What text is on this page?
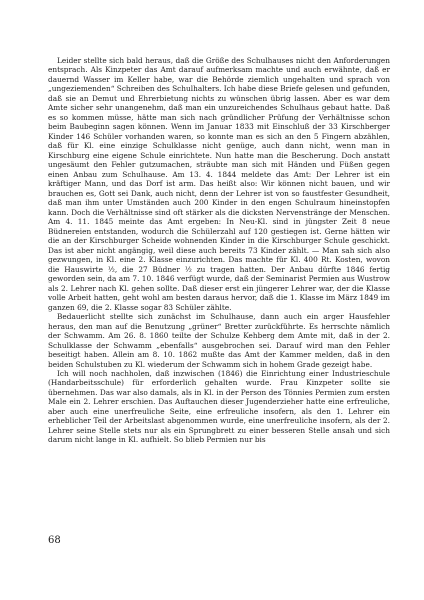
Leider stellte sich bald heraus, daß die Größe des Schulhauses nicht den Anforderungen entsprach. Als Kinzpeter das Amt darauf aufmerksam machte und auch erwähnte, daß er dauernd Wasser im Keller habe, war die Behörde ziemlich ungehalten und sprach von „ungeziemenden“ Schreiben des Schulhalters. Ich habe diese Briefe gelesen und gefunden, daß sie an Demut und Ehrerbietung nichts zu wünschen übrig lassen. Aber es war dem Amte sicher sehr unangenehm, daß man ein unzureichendes Schulhaus gebaut hatte. Daß es so kommen müsse, hätte man sich nach gründlicher Prüfung der Verhältnisse schon beim Baubeginn sagen können. Wenn im Januar 1833 mit Einschluß der 33 Kirschberger Kinder 146 Schüler vorhanden waren, so konnte man es sich an den 5 Fingern abzählen, daß für Kl. eine einzige Schulklasse nicht genüge, auch dann nicht, wenn man in Kirschburg eine eigene Schule einrichtete. Nun hatte man die Bescherung. Doch anstatt ungesäumt den Fehler gutzumachen, sträubte man sich mit Händen und Füßen gegen einen Anbau zum Schulhause. Am 13. 4. 1844 meldete das Amt: Der Lehrer ist ein kräftiger Mann, und das Dorf ist arm. Das heißt also: Wir können nicht bauen, und wir brauchen es, Gott sei Dank, auch nicht, denn der Lehrer ist von so faustfester Gesundheit, daß man ihm unter Umständen auch 200 Kinder in den engen Schulraum hineinstopfen kann. Doch die Verhältnisse sind oft stärker als die dicksten Nervenstränge der Menschen. Am 4. 11. 1845 meinte das Amt ergeben: In Neu-Kl. sind in jüngster Zeit 8 neue Büdnereien entstanden, wodurch die Schülerzahl auf 120 gestiegen ist. Gerne hätten wir die an der Kirschburger Scheide wohnenden Kinder in die Kirschburger Schule geschickt. Das ist aber nicht angängig, weil diese auch bereits 73 Kinder zählt. — Man sah sich also gezwungen, in Kl. eine 2. Klasse einzurichten. Das machte für Kl. 400 Rt. Kosten, wovon die Hauswirte ½, die 27 Büdner ½ zu tragen hatten. Der Anbau dürfte 1846 fertig geworden sein, da am 7. 10. 1846 verfügt wurde, daß der Seminarist Permien aus Wustrow als 2. Lehrer nach Kl. gehen sollte. Daß dieser erst ein jüngerer Lehrer war, der die Klasse volle Arbeit hatten, geht wohl am besten daraus hervor, daß die 1. Klasse im März 1849 im ganzen 69, die 2. Klasse sogar 83 Schüler zählte.

Bedauerlicht stellte sich zunächst im Schulhause, dann auch ein arger Hausfehler heraus, den man auf die Benutzung „grüner“ Bretter zurückführte. Es herrschte nämlich der Schwamm. Am 26. 8. 1860 teilte der Schulze Kehberg dem Amte mit, daß in der 2. Schulklasse der Schwamm „ebenfalls“ ausgebrochen sei. Darauf wird man den Fehler beseitigt haben. Allein am 8. 10. 1862 mußte das Amt der Kammer melden, daß in den beiden Schulstuben zu Kl. wiederum der Schwamm sich in hohem Grade gezeigt habe.

Ich will noch nachholen, daß inzwischen (1846) die Einrichtung einer Industrieschule (Handarbeitsschule) für erforderlich gehalten wurde. Frau Kinzpeter sollte sie übernehmen. Das war also damals, als in Kl. in der Person des Tönnies Permien zum ersten Male ein 2. Lehrer erschien. Das Auftauchen dieser Jugenderzieher hatte eine erfreuliche, aber auch eine unerfreuliche Seite, eine erfreuliche insofern, als den 1. Lehrer ein erheblicher Teil der Arbeitslast abgenommen wurde, eine unerfreuliche insofern, als der 2. Lehrer seine Stelle stets nur als ein Sprungbrett zu einer besseren Stelle ansah und sich darum nicht lange in Kl. aufhielt. So blieb Permien nur bis

68
